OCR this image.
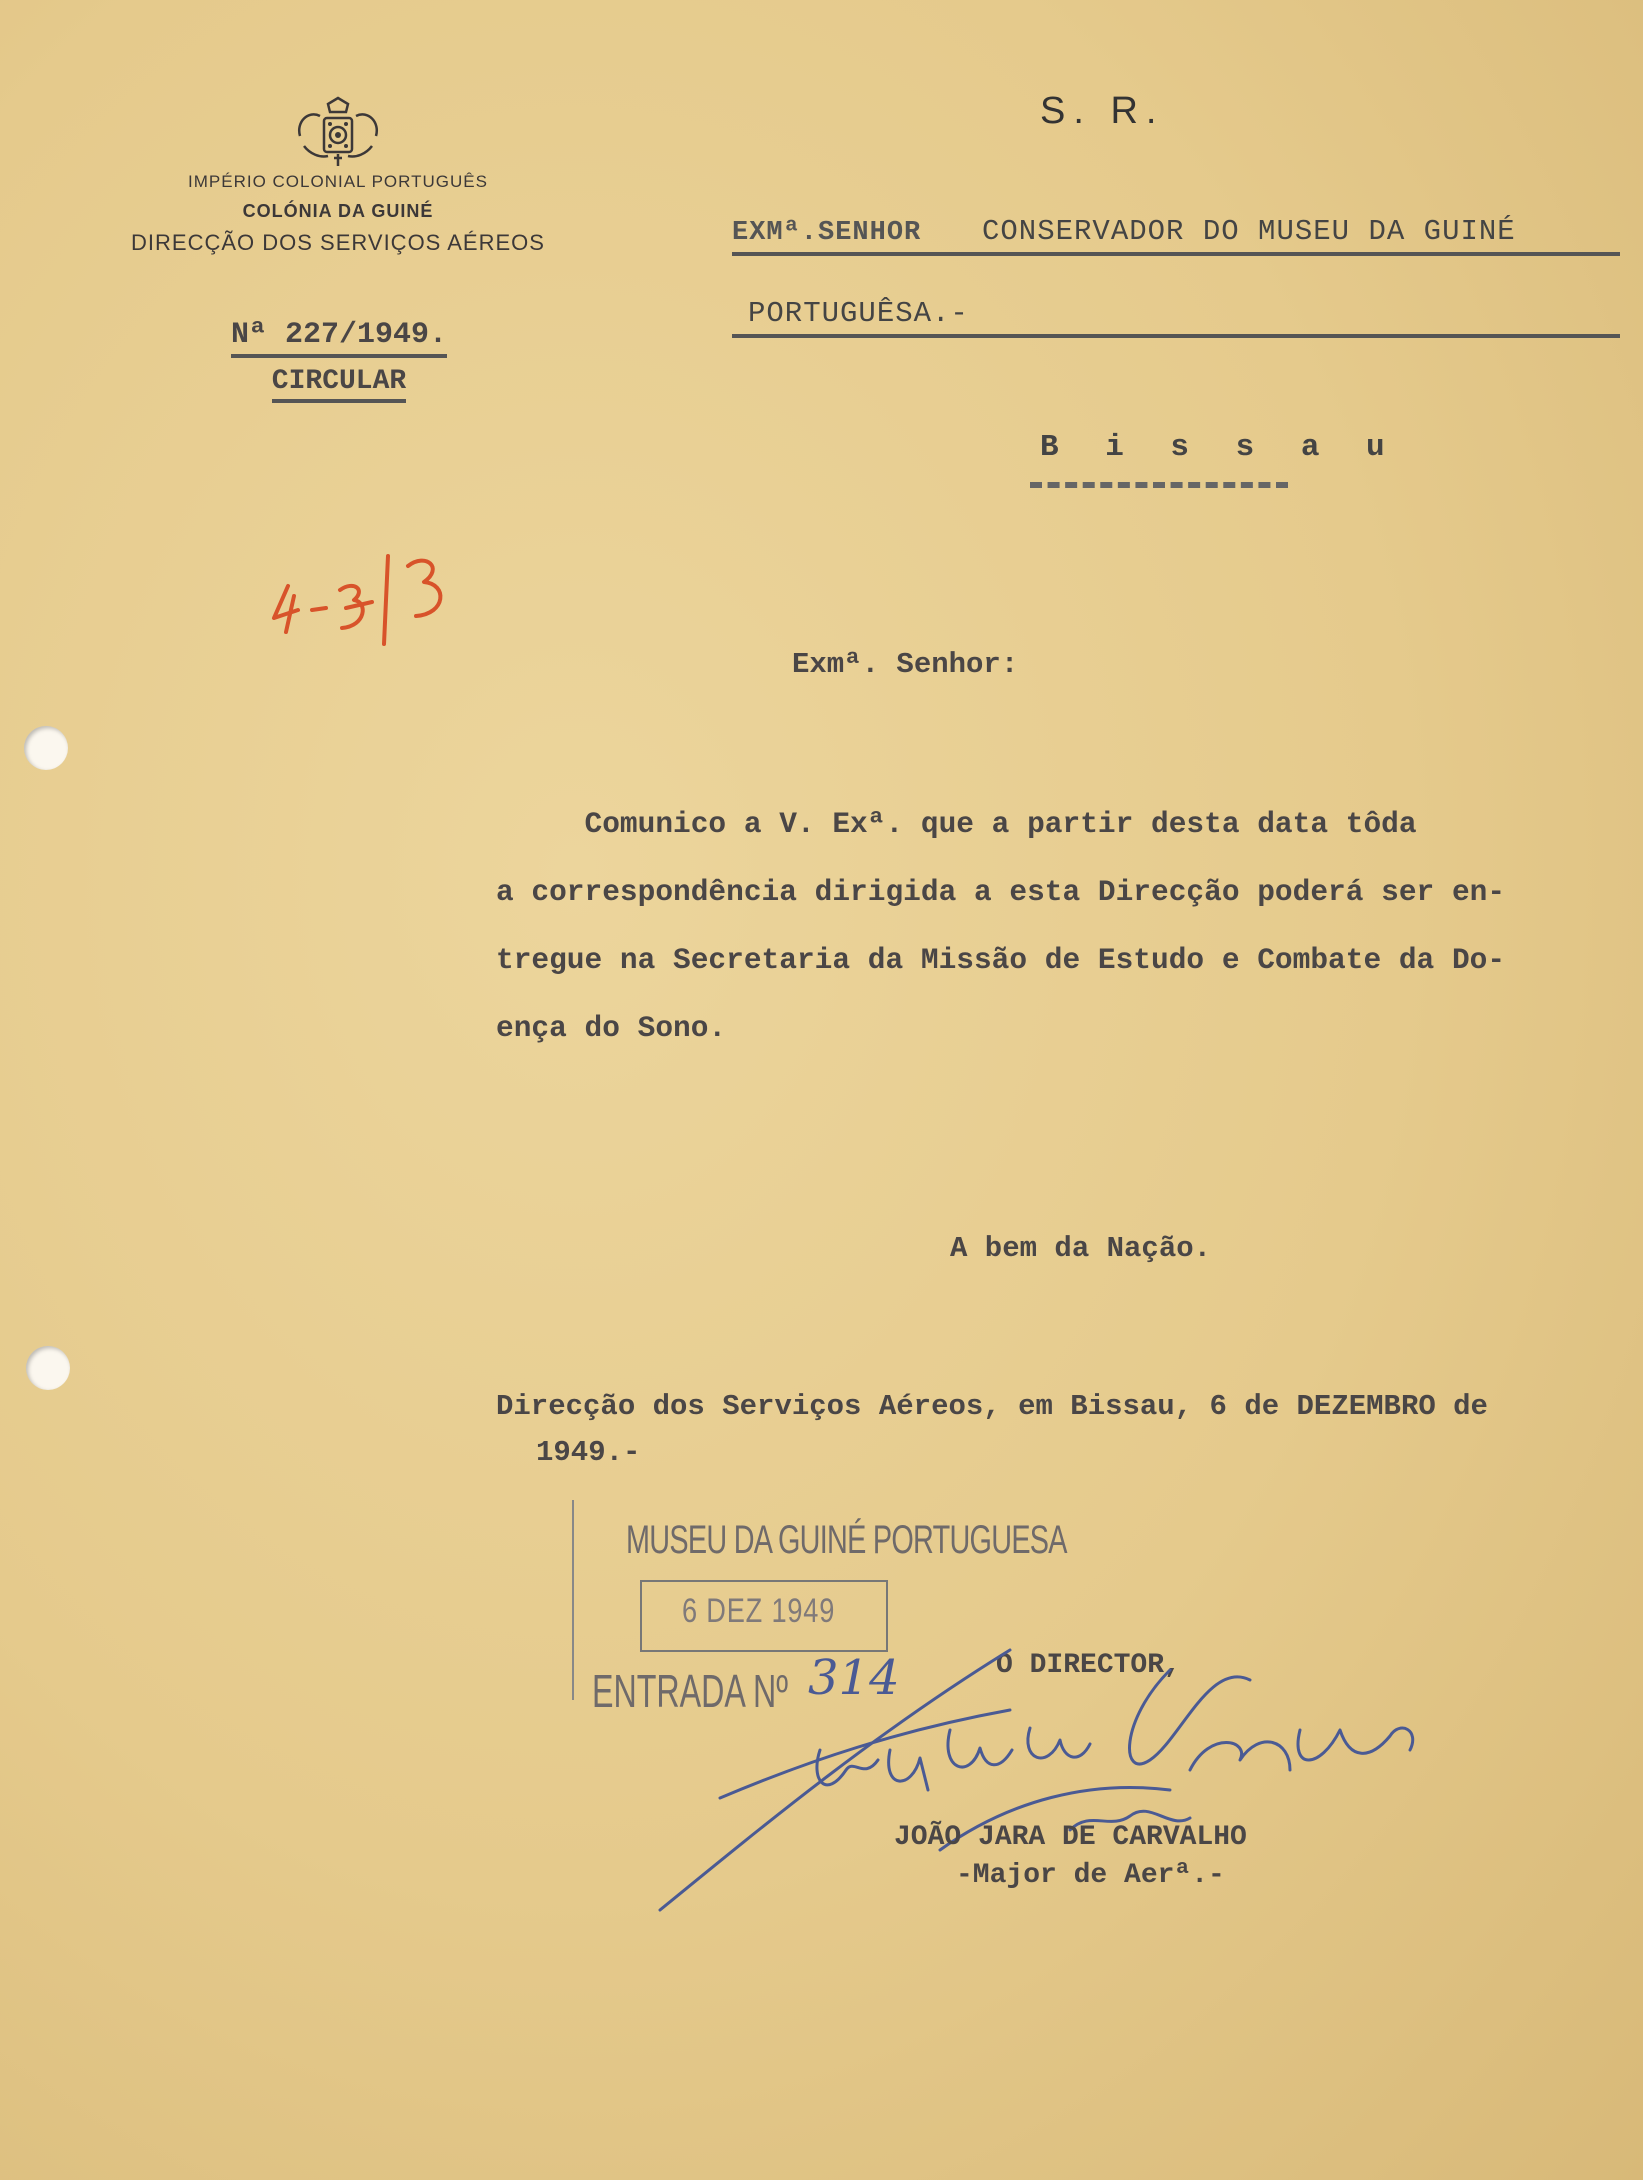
IMPÉRIO COLONIAL PORTUGUÊS
COLÓNIA DA GUINÉ
DIRECÇÃO DOS SERVIÇOS AÉREOS
Nª 227/1949.
CIRCULAR
S. R.
EXMª.SENHOR CONSERVADOR DO MUSEU DA GUINÉ
PORTUGUÊSA.-
B i s s a u
Exmª. Senhor:
Comunico a V. Exª. que a partir desta data tôda
a correspondência dirigida a esta Direcção poderá ser en-
tregue na Secretaria da Missão de Estudo e Combate da Do-
ença do Sono.
A bem da Nação.
Direcção dos Serviços Aéreos, em Bissau, 6 de DEZEMBRO de
1949.-
MUSEU DA GUINÉ PORTUGUESA
6 DEZ 1949
ENTRADA Nº 314	O DIRECTOR,
JOÃO JARA DE CARVALHO
-Major de Aerª.-
